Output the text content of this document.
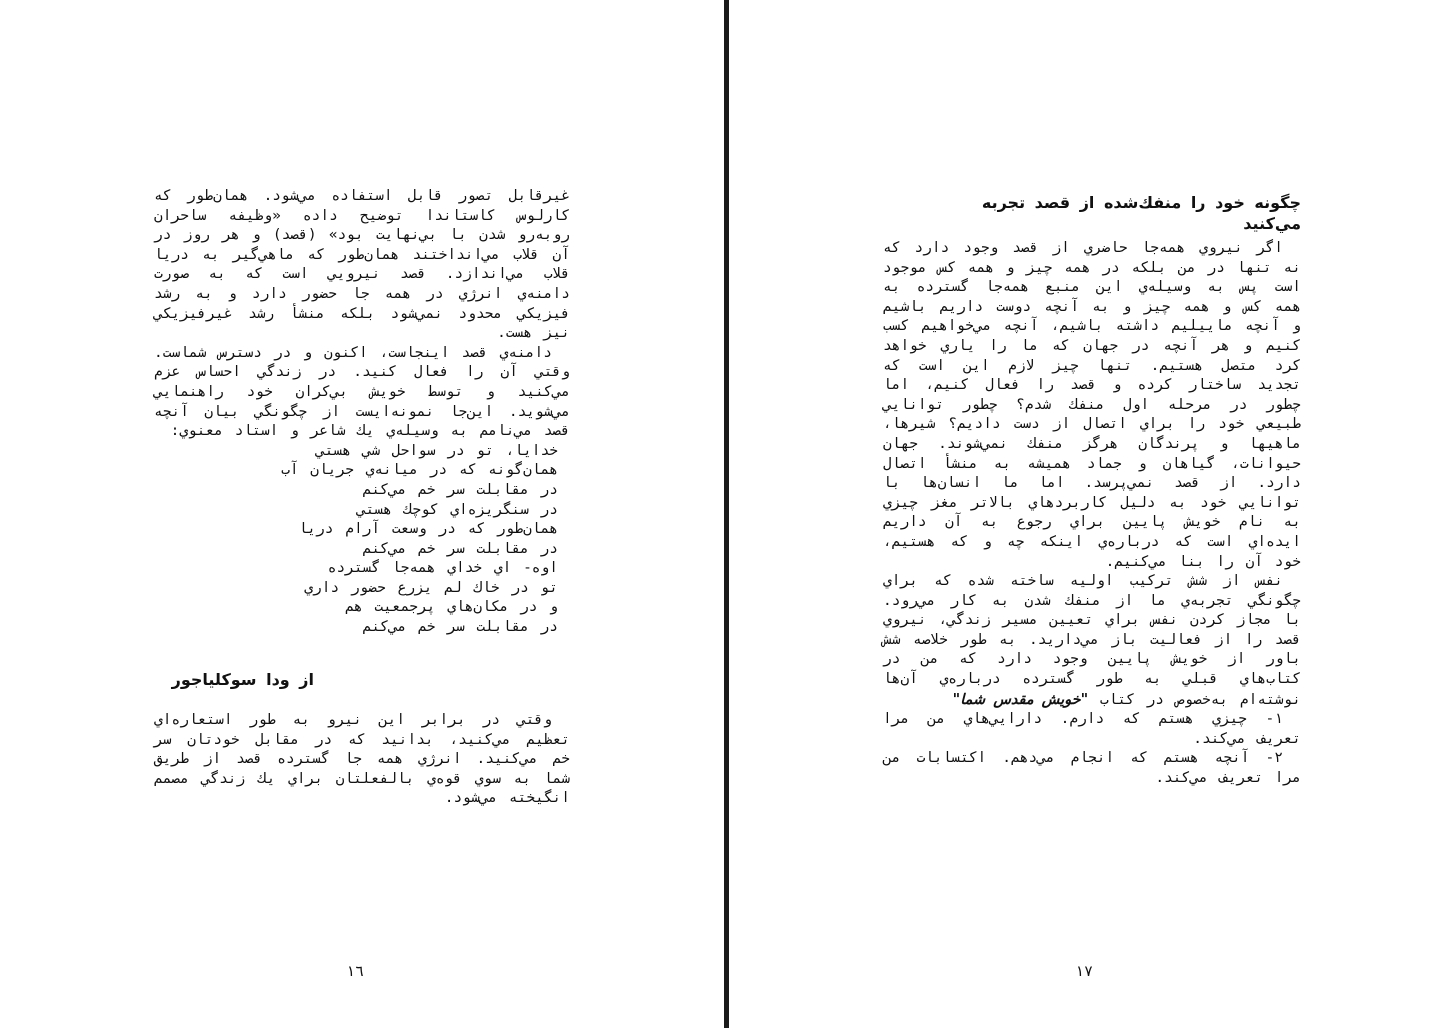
غيرقابل تصور قابل استفاده مي‌شود. همان‌طور كه كارلوس كاستاندا توضيح داده «وظيفه ساحران روبه‌رو شدن با بي‌نهايت بود» (قصد) و هر روز در آن قلاب مي‌انداختند همان‌طور كه ماهي‌گير به دريا قلاب مي‌اندازد. قصد نيرويي است كه به صورت دامنه‌ي انرژي در همه جا حضور دارد و به رشد فيزيكي محدود نمي‌شود بلكه منشأ رشد غيرفيزيكي نيز هست.

دامنه‌ي قصد اينجاست، اكنون و در دسترس شماست. وقتي آن را فعال كنيد. در زندگي احساس عزم مي‌كنيد و توسط خويش بي‌كران خود راهنمايي مي‌شويد. اين‌جا نمونه‌ايست از چگونگي بيان آنچه قصد مي‌نامم به وسيله‌ي يك شاعر و استاد معنوي:

خدايا، تو در سواحل شي هستي
همان‌گونه كه در ميانه‌ي جريان آب
در مقابلت سر خم مي‌كنم
در سنگريزه‌اي كوچك هستي
همان‌طور كه در وسعت آرام دريا
در مقابلت سر خم مي‌كنم
اوه- اي خداي همه‌جا گسترده
تو در خاك لم يزرع حضور داري
و در مكان‌هاي پرجمعيت هم
در مقابلت سر خم مي‌كنم
از ودا سوكلياجور

وقتي در برابر اين نيرو به طور استعاره‌اي تعظيم مي‌كنيد، بدانيد كه در مقابل خودتان سر خم مي‌كنيد. انرژي همه جا گسترده قصد از طريق شما به سوي قوه‌ي بالفعلتان براي يك زندگي مصمم انگيخته مي‌شود.

١٦
چگونه خود را منفك‌شده از قصد تجربه مي‌كنيد

اگر نيروي همه‌جا حاضري از قصد وجود دارد كه نه تنها در من بلكه در همه چيز و همه كس موجود است پس به وسيله‌ي اين منبع همه‌جا گسترده به همه كس و همه چيز و به آنچه دوست داريم باشيم و آنچه ماييليم داشته باشيم، آنچه مي‌خواهيم كسب كنيم و هر آنچه در جهان كه ما را ياري خواهد كرد متصل هستيم. تنها چيز لازم اين است كه تجديد ساختار كرده و قصد را فعال كنيم، اما چطور در مرحله اول منفك شدم؟ چطور توانايي طبيعي خود را براي اتصال از دست داديم؟ شيرها، ماهيها و پرندگان هرگز منفك نمي‌شوند. جهان حيوانات، گياهان و جماد هميشه به منشأ اتصال دارد. از قصد نمي‌پرسد. اما ما انسان‌ها با توانايي خود به دليل كاربردهاي بالاتر مغز چيزي به نام خويش پايين براي رجوع به آن داريم ايده‌اي است كه درباره‌ي اينكه چه و كه هستيم، خود آن را بنا مي‌كنيم.

نفس از شش تركيب اوليه ساخته شده كه براي چگونگي تجربه‌ي ما از منفك شدن به كار مي‌رود. با مجاز كردن نفس براي تعيين مسير زندگي، نيروي قصد را از فعاليت باز مي‌داريد. به طور خلاصه شش باور از خويش پايين وجود دارد كه من در كتاب‌هاي قبلي به طور گسترده درباره‌ي آن‌ها نوشته‌ام به‌خصوص در كتاب "خويش مقدس شما"

١- چيزي هستم كه دارم. دارايي‌هاي من مرا تعريف مي‌كند.

٢- آنچه هستم كه انجام مي‌دهم. اكتسابات من مرا تعريف مي‌كند.

١٧
